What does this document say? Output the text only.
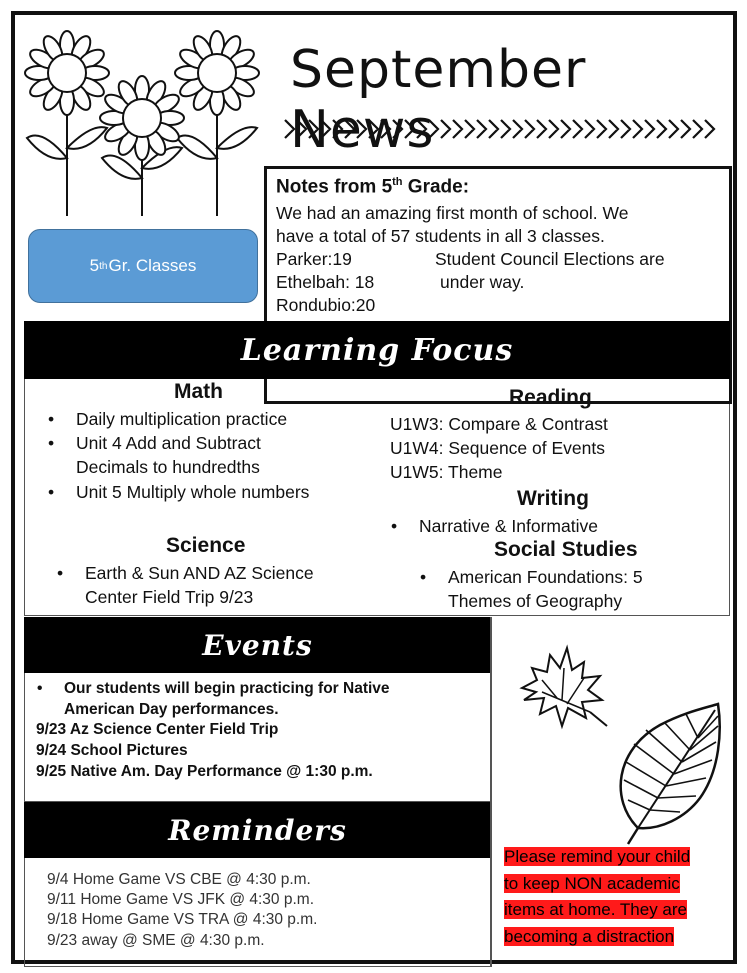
September News
Notes from 5th Grade:
We had an amazing first month of school. We
have a total of 57 students in all 3 classes.
Parker:19
Ethelbah: 18
Rondubio:20
Student Council Elections are
under way.
5 th Gr. Classes
Learning Focus
Math
• Daily multiplication practice
• Unit 4 Add and Subtract
Decimals to hundredths
• Unit 5 Multiply whole numbers
Reading
U1W3: Compare & Contrast
U1W4: Sequence of Events
U1W5: Theme
Writing
• Narrative & Informative
Science
• Earth & Sun AND AZ Science
Center Field Trip 9/23
Social Studies
• American Foundations: 5
Themes of Geography
Events
• Our students will begin practicing for Native
American Day performances.
9/23 Az Science Center Field Trip
9/24 School Pictures
9/25 Native Am. Day Performance @ 1:30 p.m.
Reminders
9/4 Home Game VS CBE @ 4:30 p.m.
9/11 Home Game VS JFK @ 4:30 p.m.
9/18 Home Game VS TRA @ 4:30 p.m.
9/23 away @ SME @ 4:30 p.m.
Please remind your child
to keep NON academic
items at home. They are
becoming a distraction
